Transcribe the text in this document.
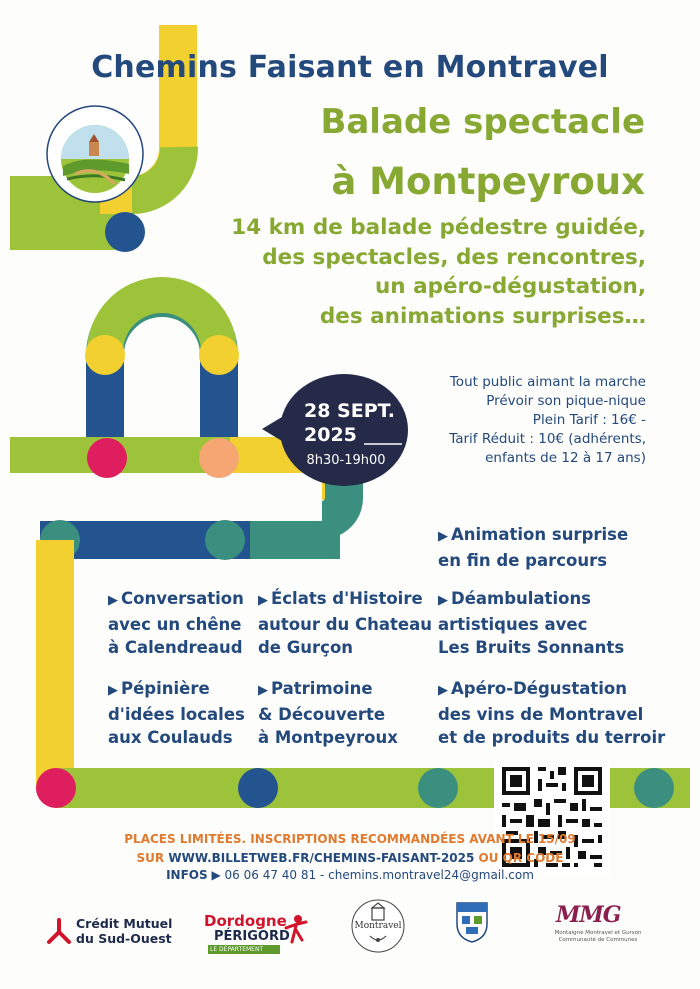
Chemins Faisant en Montravel
Balade spectacle
à Montpeyroux
14 km de balade pédestre guidée,
des spectacles, des rencontres,
un apéro-dégustation,
des animations surprises…
28 SEPT.
2025
8h30-19h00
Tout public aimant la marche
Prévoir son pique-nique
Plein Tarif : 16€ -
Tarif Réduit : 10€ (adhérents,
enfants de 12 à 17 ans)
▶ Animation surprise
en fin de parcours
▶ Conversation
avec un chêne
à Calendreaud
▶ Éclats d'Histoire
autour du Chateau
de Gurçon
▶ Déambulations
artistiques avec
Les Bruits Sonnants
▶ Pépinière
d'idées locales
aux Coulauds
▶ Patrimoine
& Découverte
à Montpeyroux
▶ Apéro-Dégustation
des vins de Montravel
et de produits du terroir
PLACES LIMITÉES. INSCRIPTIONS RECOMMANDÉES AVANT LE 15/09
SUR WWW.BILLETWEB.FR/CHEMINS-FAISANT-2025 OU QR CODE
INFOS ▶ 06 06 47 40 81 - chemins.montravel24@gmail.com
Crédit Mutuel
du Sud-Ouest
Dordogne
PÉRIGORD
LE DÉPARTEMENT
Montravel	MMG
Montaigne Montravel et Gurson
Communauté de Communes
